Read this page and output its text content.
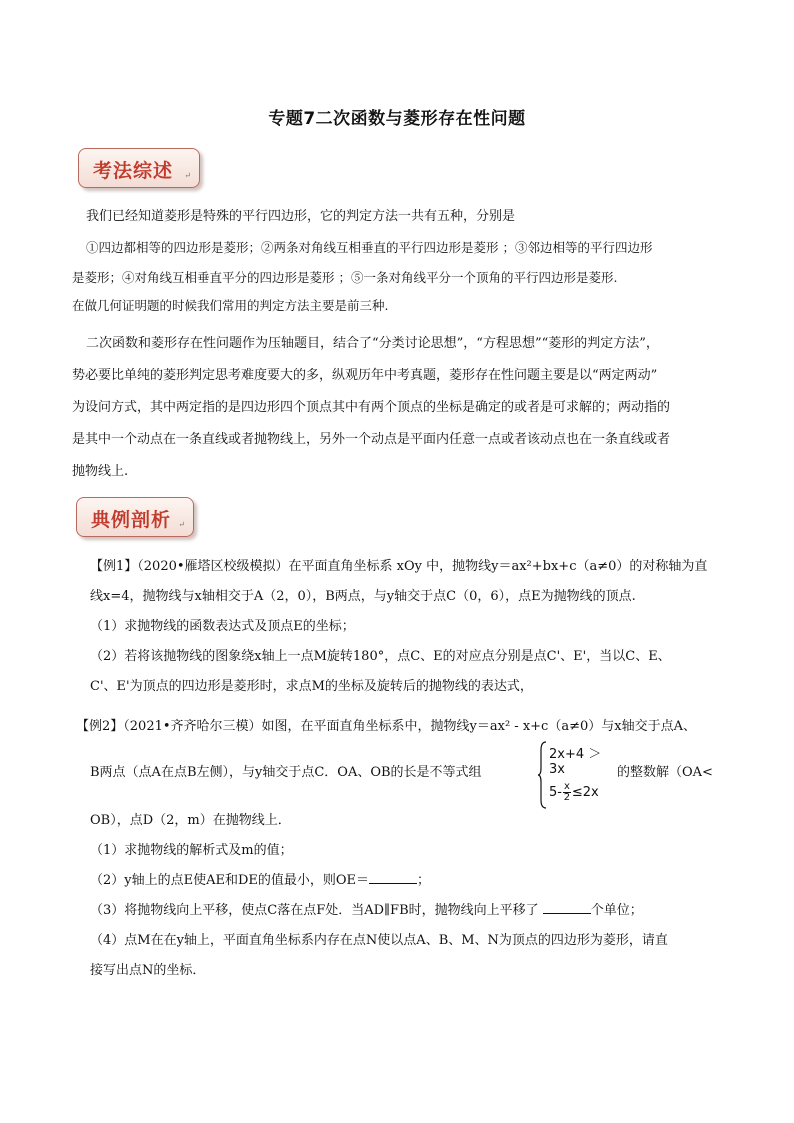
专题7二次函数与菱形存在性问题
考法综述 ↵
我们已经知道菱形是特殊的平行四边形，它的判定方法一共有五种，分别是
①四边都相等的四边形是菱形；②两条对角线互相垂直的平行四边形是菱形 ；③邻边相等的平行四边形
是菱形；④对角线互相垂直平分的四边形是菱形 ；⑤一条对角线平分一个顶角的平行四边形是菱形.
在做几何证明题的时候我们常用的判定方法主要是前三种.
二次函数和菱形存在性问题作为压轴题目，结合了“分类讨论思想”，“方程思想”“菱形的判定方法”，
势必要比单纯的菱形判定思考难度要大的多，纵观历年中考真题，菱形存在性问题主要是以“两定两动”
为设问方式，其中两定指的是四边形四个顶点其中有两个顶点的坐标是确定的或者是可求解的；两动指的
是其中一个动点在一条直线或者抛物线上，另外一个动点是平面内任意一点或者该动点也在一条直线或者
抛物线上.
典例剖析 ↵
【例1】（2020•雁塔区校级模拟）在平面直角坐标系 xOy 中，抛物线y＝ax²+bx+c（a≠0）的对称轴为直
线x=4，抛物线与x轴相交于A（2，0），B两点，与y轴交于点C（0，6），点E为抛物线的顶点.
（1）求抛物线的函数表达式及顶点E的坐标；
（2）若将该抛物线的图象绕x轴上一点M旋转180°，点C、E的对应点分别是点C'、E'，当以C、E、
C'、E'为顶点的四边形是菱形时，求点M的坐标及旋转后的抛物线的表达式，
【例2】（2021•齐齐哈尔三模）如图，在平面直角坐标系中，抛物线y＝ax² - x+c（a≠0）与x轴交于点A、
B两点（点A在点B左侧），与y轴交于点C．OA、OB的长是不等式组	的整数解（OA<
2x+4 ＞ 3x
$5- \frac{x}{2} \le 2x$
OB），点D（2，m）在抛物线上．
（1）求抛物线的解析式及m的值；
（2）y轴上的点E使AE和DE的值最小，则OE＝	；
（3）将抛物线向上平移，使点C落在点F处．当AD∥FB时，抛物线向上平移了	个单位；
（4）点M在在y轴上，平面直角坐标系内存在点N使以点A、B、M、N为顶点的四边形为菱形，请直
接写出点N的坐标．
